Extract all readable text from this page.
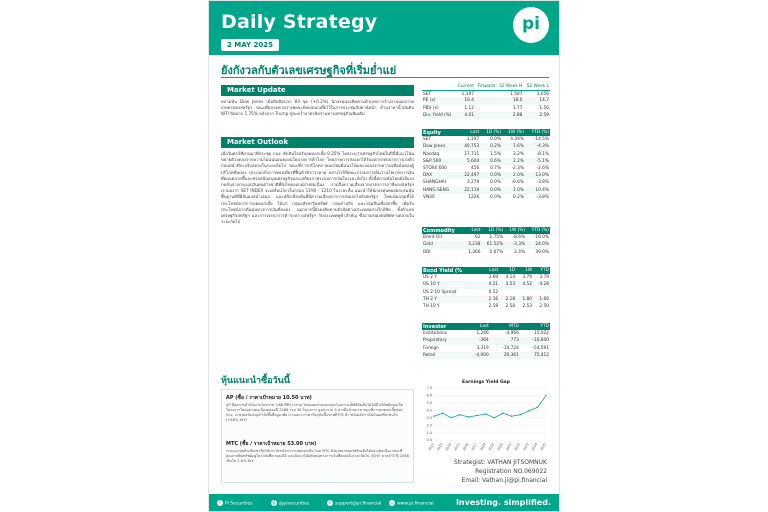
Daily Strategy
2 MAY 2025
pi
ยังกังวลกับตัวเลขเศรษฐกิจที่เริ่มย่ำแย่
Market Update
ตลาดหุ้น Dow Jones เมื่อคืนปิดบวก 83 จุด (+0.2%) นักลงทุนรอติดตามตัวเลขการจ้างงานนอกภาคเกษตรของสหรัฐฯ ขณะที่ตลาดคาดว่าเฟดจะยังคงดอกเบี้ยไว้ในการประชุมสัปดาห์หน้า ด้านราคาน้ำมันดิบ WTI ปิดบวก 1.75% หลังจาก Trump ขู่จะคว่ำบาตรอิหร่านทางเศรษฐกิจเพิ่มเติม
Market Outlook
เมื่อวันศุกร์ที่ผ่านมาที่ประชุม กนง. ตัดสินใจปรับลดดอกเบี้ย 0.25% โดยระบุว่าเศรษฐกิจไทยในปีนี้มีแนวโน้มขยายตัวลดลงจากความไม่แน่นอนของนโยบายการค้าโลก โดยภาคการส่งออกได้รับผลกระทบจากการเร่งตัวก่อนหน้าที่จะปรับลดลงในระยะถัดไป ขณะที่การบริโภคภาคเอกชนมีแนวโน้มชะลอลงจากความเชื่อมั่นของผู้บริโภคที่ลดลง ประกอบกับการท่องเที่ยวที่ฟื้นตัวช้ากว่าคาด อย่างไรก็ดีคณะกรรมการเห็นว่านโยบายการเงินที่ผ่อนคลายขึ้นจะช่วยสนับสนุนเศรษฐกิจและเสถียรภาพระบบการเงินในระยะถัดไป ทั้งนี้ตลาดหุ้นไทยยังมีแรงกดดันจากกระแสเงินทุนต่างชาติที่ยังไหลออกอย่างต่อเนื่อง รวมถึงความเสี่ยงจากมาตรการภาษีของสหรัฐฯ เรามองว่า SET INDEX จะเคลื่อนไหวในกรอบ 1190 - 1210 ในระยะสั้น แนะนำให้นักลงทุนทยอยสะสมหุ้นพื้นฐานดีที่มีปันผลสม่ำเสมอ และหลีกเลี่ยงหุ้นที่มีความเสี่ยงจากการส่งออกไปยังสหรัฐฯ โดยเน้นกลุ่มที่ได้ประโยชน์จากการลดดอกเบี้ย ได้แก่ กลุ่มอสังหาริมทรัพย์ กลุ่มค้าปลีก และกลุ่มสินเชื่อเช่าซื้อ เพื่อรับประโยชน์จากต้นทุนทางการเงินที่ลดลง นอกจากนี้ยังคงติดตามปัจจัยต่างประเทศอย่างใกล้ชิด ทั้งตัวเลขเศรษฐกิจสหรัฐฯ และการเจรจาการค้าระหว่างสหรัฐฯ กับประเทศคู่ค้าสำคัญ ซึ่งอาจส่งผลต่อทิศทางตลาดในระยะถัดไป
หุ้นแนะนำซื้อวันนี้
AP (ซื้อ / ราคาเป้าหมาย 10.50 บาท)
AP มีผลการดำเนินงานไตรมาส 1/68 ที่ดีกว่าคาด โดยยอดขายและยอดโอนกรรมสิทธิ์ยังเติบโตได้ดี บริษัทมีแผนเปิดโครงการใหม่อย่างต่อเนื่องตลอดปี 2568 รวม 36 โครงการ มูลค่ารวม 5.4 หมื่นล้านบาท ขณะที่การลดดอกเบี้ยของ กนง. จะช่วยสนับสนุนกำลังซื้อที่อยู่อาศัย เรามองว่าราคาปัจจุบันซื้อขายที่ P/E ต่ำ พร้อมอัตราเงินปันผลที่น่าสนใจ (+48% YoY)
MTC (ซื้อ / ราคาเป้าหมาย 53.00 บาท)
เรามองกลุ่มสินเชื่อเช่าซื้อได้ประโยชน์จากการลดดอกเบี้ย โดย MTC ยังคงขยายพอร์ตสินเชื่อได้อย่างต่อเนื่อง ขณะที่คุณภาพสินทรัพย์อยู่ในระดับที่ควบคุมได้ และมีแนวโน้มต้นทุนทางการเงินที่ลดลงในระยะถัดไป (ICHI) คาดกำไรปี 2568 เติบโต 2.8% YoY
	Current	Forward	52 Week H	52 Week L
SET	1,197		1,507	1,056
PE (x)	16.4		18.0	14.7
PBV (x)	1.12		1.77	1.56
Div. Yield (%)	4.01		2.88	2.59
Equity	Last	1D (%)	1W (%)	YTD (%)
SET	1,197	0.0%	4.39%	-14.5%
Dow Jones	40,753	0.2%	7.6%	-4.3%
Nasdaq	17,711	1.5%	3.2%	-8.1%
S&P 500	5,604	0.6%	2.2%	-5.1%
STOXX 600	456	0.7%	-2.3%	-2.6%
DAX	22,497	0.0%	2.0%	13.0%
SHANGHAI	3,279	0.0%	-0.6%	-3.8%
HANG SENG	22,119	0.0%	1.0%	10.4%
VN30	1226	0.0%	0.2%	-3.8%
Commodity	Last	1D (%)	1W (%)	YTD (%)
Brent Oil	62	1.75%	-8.6%	-16.0%
Gold	3,238	61.52%	-3.3%	24.0%
BDI	1,366	0.67%	2.4%	39.0%
Bond Yield (%	Last	1D	1W	YTD
US 2 Y	3.69	4.14	3.79	3.79
US 10 Y	4.21	3.53	4.52	4.28
US 2-10 Spread	0.52			
TH 2 Y	2.16	2.18	1.80	1.66
TH 10 Y	2.58	2.58	2.53	2.50
Investor	Last	MTD	YTD
Institutions	1,246	-4,966	-15,022
Proprietary	-364	773	-10,600
Foreign	3,319	-14,724	-54,591
Retail	-4,000	20,361	75,412
Earnings Yield Gap
7.0
6.0
5.0
4.0
3.0
2.0
1.0
0.0
2012 2013 2014 2015 2016 2017 2018 2019 2020 2021 2022 2023 2024 2025
Strategist: VATHAN JITSOMNUK
Registration NO.069022
Email: Vathan.ji@pi.financial
f Pi Securities	@ @pisecurities	✉ support@pi.financial	◎ www.pi.financial	Investing. simplified.
